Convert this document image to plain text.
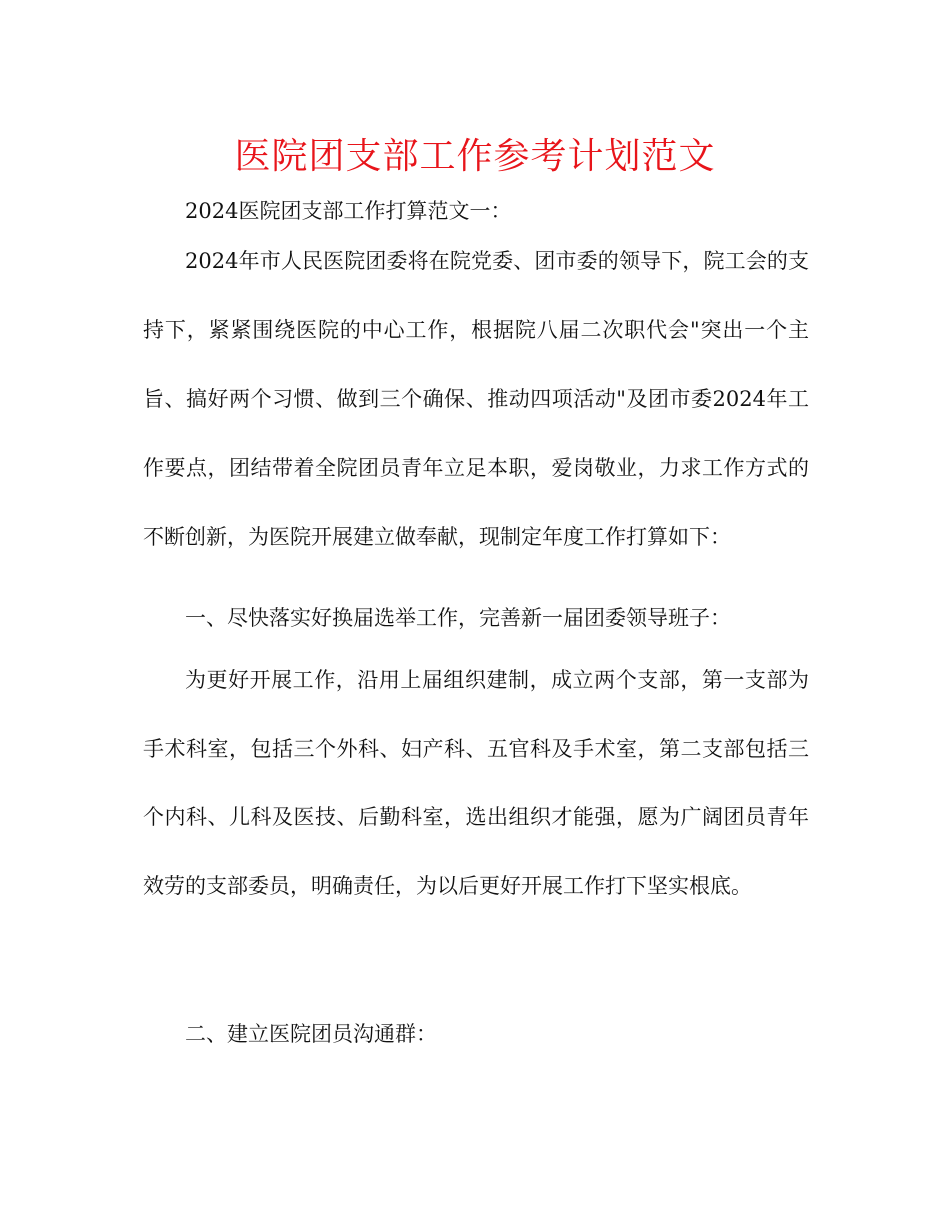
医院团支部工作参考计划范文

2024医院团支部工作打算范文一：

2024年市人民医院团委将在院党委、团市委的领导下，院工会的支持下，紧紧围绕医院的中心工作，根据院八届二次职代会"突出一个主旨、搞好两个习惯、做到三个确保、推动四项活动"及团市委2024年工作要点，团结带着全院团员青年立足本职，爱岗敬业，力求工作方式的不断创新，为医院开展建立做奉献，现制定年度工作打算如下：

一、尽快落实好换届选举工作，完善新一届团委领导班子：

为更好开展工作，沿用上届组织建制，成立两个支部，第一支部为手术科室，包括三个外科、妇产科、五官科及手术室，第二支部包括三个内科、儿科及医技、后勤科室，选出组织才能强，愿为广阔团员青年效劳的支部委员，明确责任，为以后更好开展工作打下坚实根底。

二、建立医院团员沟通群：
